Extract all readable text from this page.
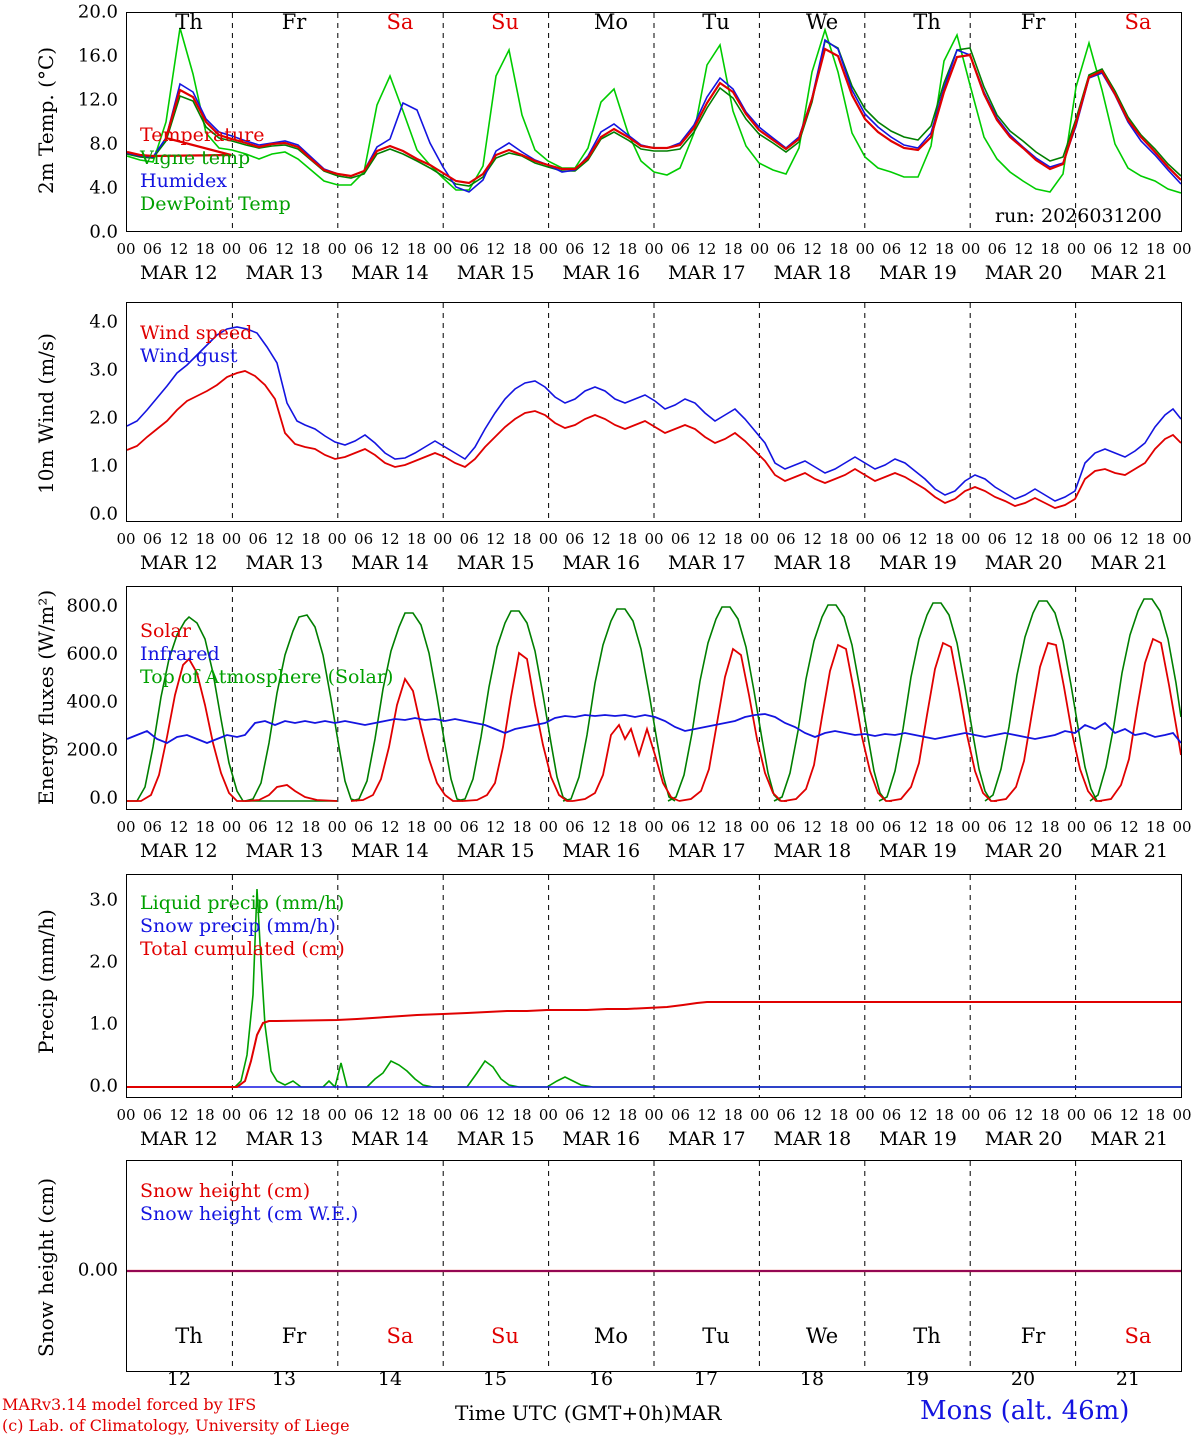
2m Temp. (°C)
20.0
16.0
12.0
8.0
4.0
0.0
Temperature
Vigne temp
Humidex
DewPoint Temp
run: 2026031200
Th	Fr	Sa	Su	Mo	Tu	We	Th	Fr	Sa
00 06 12 18 00 06 12 18 00 06 12 18 00 06 12 18 00 06 12 18 00 06 12 18 00 06 12 18 00 06 12 18 00 06 12 18 00 06 12 18 00
MAR 12 MAR 13 MAR 14 MAR 15 MAR 16 MAR 17 MAR 18 MAR 19 MAR 20 MAR 21
10m Wind (m/s)
4.0
3.0
2.0
1.0
0.0
Wind speed
Wind gust
00 06 12 18 00 06 12 18 00 06 12 18 00 06 12 18 00 06 12 18 00 06 12 18 00 06 12 18 00 06 12 18 00 06 12 18 00 06 12 18 00
MAR 12 MAR 13 MAR 14 MAR 15 MAR 16 MAR 17 MAR 18 MAR 19 MAR 20 MAR 21
Energy fluxes (W/m²) 800.0
600.0
400.0
200.0
0.0
Solar
Infrared
Top of Atmosphere (Solar)
00 06 12 18 00 06 12 18 00 06 12 18 00 06 12 18 00 06 12 18 00 06 12 18 00 06 12 18 00 06 12 18 00 06 12 18 00 06 12 18 00
MAR 12 MAR 13 MAR 14 MAR 15 MAR 16 MAR 17 MAR 18 MAR 19 MAR 20 MAR 21
Precip (mm/h)
3.0
2.0
1.0
0.0
Liquid precip (mm/h)
Snow precip (mm/h)
Total cumulated (cm)
00 06 12 18 00 06 12 18 00 06 12 18 00 06 12 18 00 06 12 18 00 06 12 18 00 06 12 18 00 06 12 18 00 06 12 18 00 06 12 18 00
MAR 12 MAR 13 MAR 14 MAR 15 MAR 16 MAR 17 MAR 18 MAR 19 MAR 20 MAR 21
Snow height (cm)	0.00
Snow height (cm)
Snow height (cm W.E.)
Th	Fr	Sa	Su	Mo	Tu	We	Th	Fr	Sa
12	13	14	15	16	17	18	19	20	21
MARv3.14 model forced by IFS
(c) Lab. of Climatology, University of Liege
Time UTC (GMT+0h)MAR	Mons (alt. 46m)
